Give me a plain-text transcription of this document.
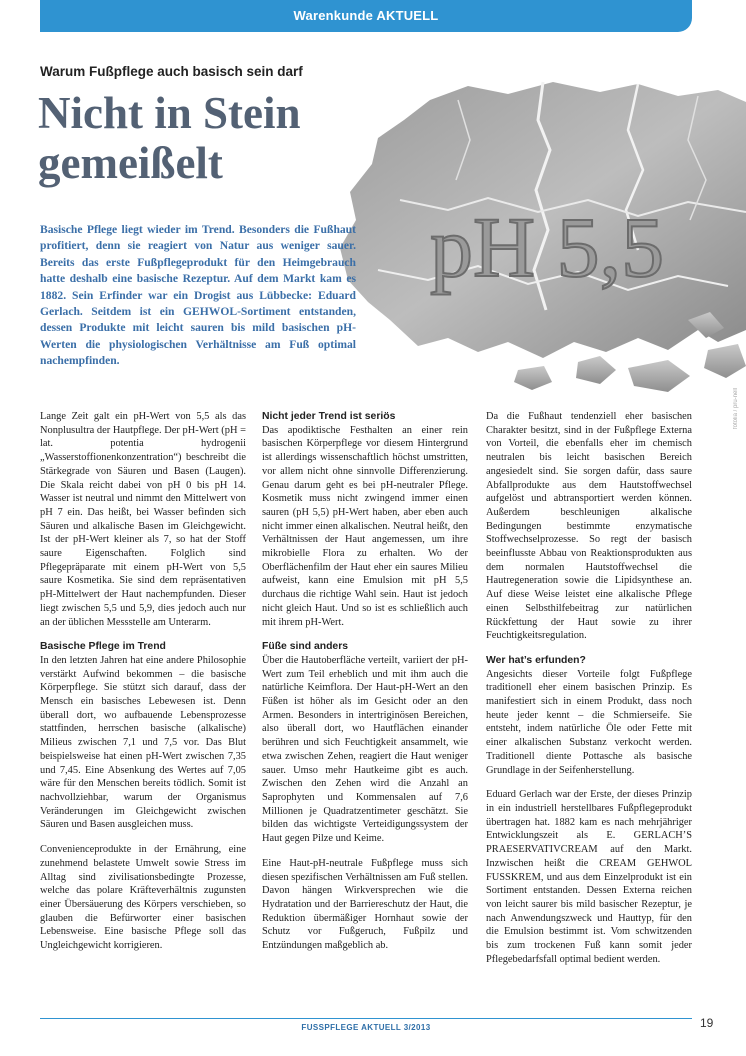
Warenkunde AKTUELL
Warum Fußpflege auch basisch sein darf
Nicht in Stein gemeißelt
pH 5,5
Basische Pflege liegt wieder im Trend. Besonders die Fußhaut profitiert, denn sie reagiert von Natur aus weniger sauer. Bereits das erste Fußpflegeprodukt für den Heimgebrauch hatte deshalb eine basische Rezeptur. Auf dem Markt kam es 1882. Sein Erfinder war ein Drogist aus Lübbecke: Eduard Gerlach. Seitdem ist ein GEHWOL-Sortiment entstanden, dessen Produkte mit leicht sauren bis mild basischen pH-Werten die physiologischen Verhältnisse am Fuß optimal nachempfinden.
fotolia / pru-nell

Lange Zeit galt ein pH-Wert von 5,5 als das Nonplusultra der Hautpflege. Der pH-Wert (pH = lat. potentia hydrogenii „Wasserstoffionenkonzentration“) beschreibt die Stärkegrade von Säuren und Basen (Laugen). Die Skala reicht dabei von pH 0 bis pH 14. Wasser ist neutral und nimmt den Mittelwert von pH 7 ein. Das heißt, bei Wasser befinden sich Säuren und alkalische Basen im Gleichgewicht. Ist der pH-Wert kleiner als 7, so hat der Stoff saure Eigenschaften. Folglich sind Pflegepräparate mit einem pH-Wert von 5,5 saure Kosmetika. Sie sind dem repräsentativen pH-Mittelwert der Haut nachempfunden. Dieser liegt zwischen 5,5 und 5,9, dies jedoch auch nur an der üblichen Messstelle am Unterarm.

Basische Pflege im Trend

In den letzten Jahren hat eine andere Philosophie verstärkt Aufwind bekommen – die basische Körperpflege. Sie stützt sich darauf, dass der Mensch ein basisches Lebewesen ist. Denn überall dort, wo aufbauende Lebensprozesse stattfinden, herrschen basische (alkalische) Milieus zwischen 7,1 und 7,5 vor. Das Blut beispielsweise hat einen pH-Wert zwischen 7,35 und 7,45. Eine Absenkung des Wertes auf 7,05 wäre für den Menschen bereits tödlich. Somit ist nachvollziehbar, warum der Organismus Veränderungen im Gleichgewicht zwischen Säuren und Basen ausgleichen muss.

Convenienceprodukte in der Ernährung, eine zunehmend belastete Umwelt sowie Stress im Alltag sind zivilisationsbedingte Prozesse, welche das polare Kräfteverhältnis zugunsten einer Übersäuerung des Körpers verschieben, so glauben die Befürworter einer basischen Lebensweise. Eine basische Pflege soll das Ungleichgewicht korrigieren.

Nicht jeder Trend ist seriös

Das apodiktische Festhalten an einer rein basischen Körperpflege vor diesem Hintergrund ist allerdings wissenschaftlich höchst umstritten, vor allem nicht ohne sinnvolle Differenzierung. Genau darum geht es bei pH-neutraler Pflege. Kosmetik muss nicht zwingend immer einen sauren (pH 5,5) pH-Wert haben, aber eben auch nicht immer einen alkalischen. Neutral heißt, den Verhältnissen der Haut angemessen, um ihre mikrobielle Flora zu erhalten. Wo der Oberflächenfilm der Haut eher ein saures Milieu aufweist, kann eine Emulsion mit pH 5,5 durchaus die richtige Wahl sein. Haut ist jedoch nicht gleich Haut. Und so ist es schließlich auch mit ihrem pH-Wert.

Füße sind anders

Über die Hautoberfläche verteilt, variiert der pH-Wert zum Teil erheblich und mit ihm auch die natürliche Keimflora. Der Haut-pH-Wert an den Füßen ist höher als im Gesicht oder an den Armen. Besonders in intertriginösen Bereichen, also überall dort, wo Hautflächen einander berühren und sich Feuchtigkeit ansammelt, wie etwa zwischen Zehen, reagiert die Haut weniger sauer. Umso mehr Hautkeime gibt es auch. Zwischen den Zehen wird die Anzahl an Saprophyten und Kommensalen auf 7,6 Millionen je Quadratzentimeter geschätzt. Sie bilden das wichtigste Verteidigungssystem der Haut gegen Pilze und Keime.

Eine Haut-pH-neutrale Fußpflege muss sich diesen spezifischen Verhältnissen am Fuß stellen. Davon hängen Wirkversprechen wie die Hydratation und der Barriereschutz der Haut, die Reduktion übermäßiger Hornhaut sowie der Schutz vor Fußgeruch, Fußpilz und Entzündungen maßgeblich ab.

Da die Fußhaut tendenziell eher basischen Charakter besitzt, sind in der Fußpflege Externa von Vorteil, die ebenfalls eher im chemisch neutralen bis leicht basischen Bereich angesiedelt sind. Sie sorgen dafür, dass saure Abfallprodukte aus dem Hautstoffwechsel aufgelöst und abtransportiert werden können. Außerdem beschleunigen alkalische Bedingungen bestimmte enzymatische Stoffwechselprozesse. So regt der basisch beeinflusste Abbau von Reaktionsprodukten aus dem normalen Hautstoffwechsel die Hautregeneration sowie die Lipidsynthese an. Auf diese Weise leistet eine alkalische Pflege einen Selbsthilfebeitrag zur natürlichen Rückfettung der Haut sowie zu ihrer Feuchtigkeitsregulation.

Wer hat’s erfunden?

Angesichts dieser Vorteile folgt Fußpflege traditionell eher einem basischen Prinzip. Es manifestiert sich in einem Produkt, dass noch heute jeder kennt – die Schmierseife. Sie entsteht, indem natürliche Öle oder Fette mit einer alkalischen Substanz verkocht werden. Traditionell diente Pottasche als basische Grundlage in der Seifenherstellung.

Eduard Gerlach war der Erste, der dieses Prinzip in ein industriell herstellbares Fußpflegeprodukt übertragen hat. 1882 kam es nach mehrjähriger Entwicklungszeit als E. GERLACH’S PRAESERVATIVCREAM auf den Markt. Inzwischen heißt die CREAM GEHWOL FUSSKREM, und aus dem Einzelprodukt ist ein Sortiment entstanden. Dessen Externa reichen von leicht saurer bis mild basischer Rezeptur, je nach Anwendungszweck und Hauttyp, für den die Emulsion bestimmt ist. Vom schwitzenden bis zum trockenen Fuß kann somit jeder Pflegebedarfsfall optimal bedient werden.

FUSSPFLEGE AKTUELL 3/2013	19
